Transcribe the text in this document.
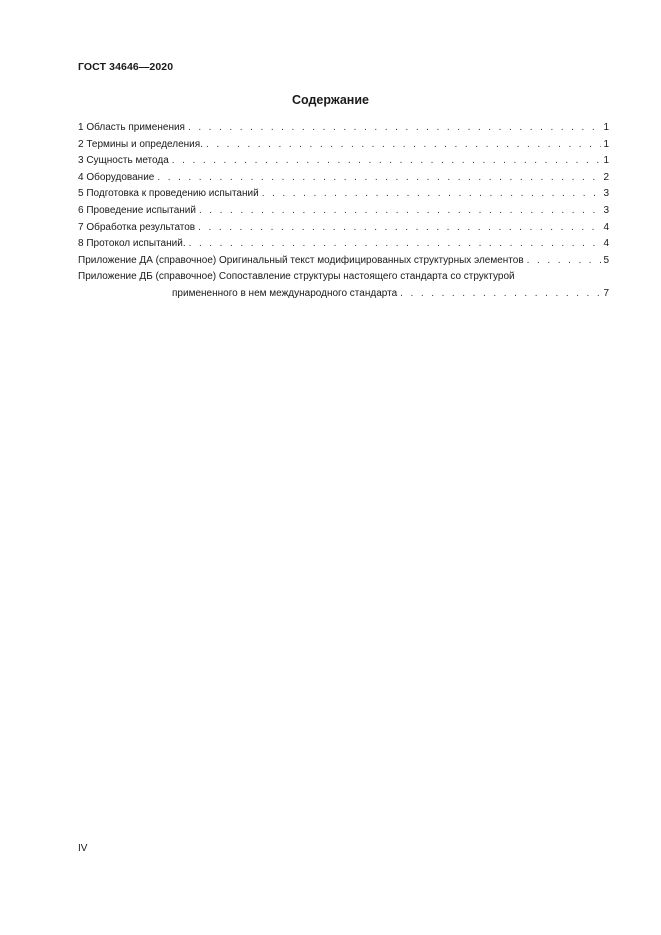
ГОСТ 34646—2020
Содержание
1 Область применения . . .	1
2 Термины и определения. . . .	1
3 Сущность метода . . .	1
4 Оборудование . . .	2
5 Подготовка к проведению испытаний . . .	3
6 Проведение испытаний . . .	3
7 Обработка результатов . . .	4
8 Протокол испытаний. . . .	4
Приложение ДА (справочное) Оригинальный текст модифицированных структурных элементов . . .	5
Приложение ДБ (справочное) Сопоставление структуры настоящего стандарта со структурой
примененного в нем международного стандарта . . .	7
IV
